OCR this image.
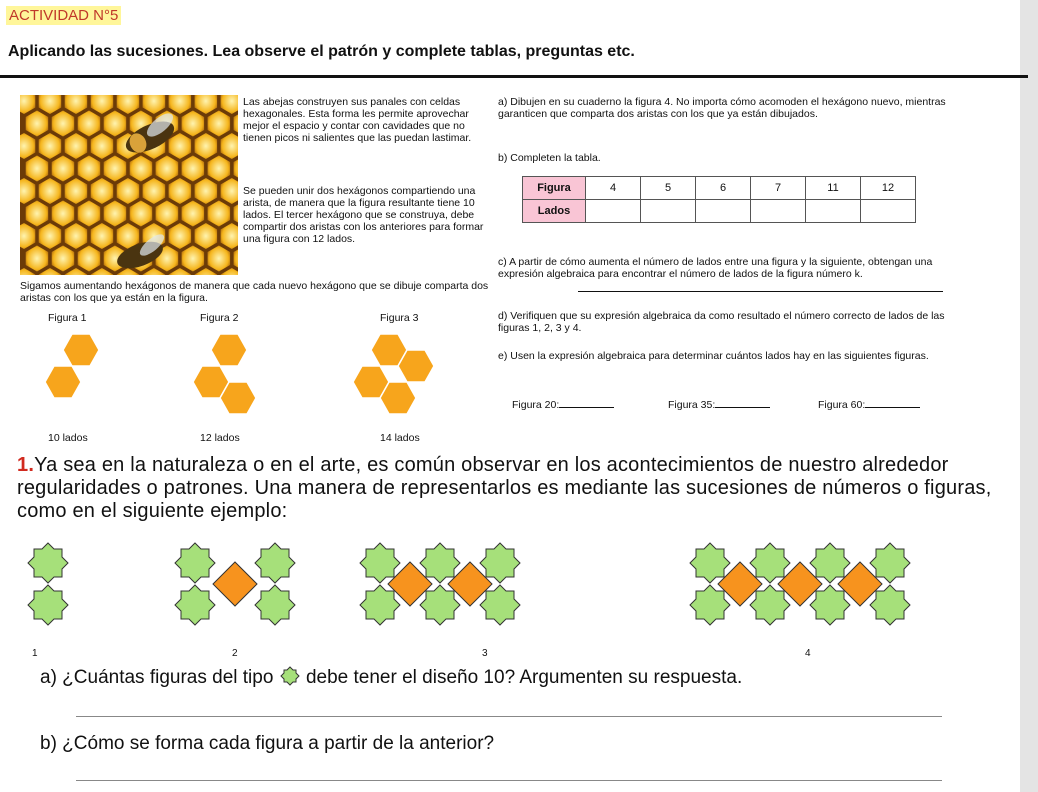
ACTIVIDAD N°5
Aplicando las sucesiones. Lea observe el patrón y complete tablas, preguntas etc.
Las abejas construyen sus panales con celdas hexagonales. Esta forma les permite aprovechar mejor el espacio y contar con cavidades que no tienen picos ni salientes que las puedan lastimar.
Se pueden unir dos hexágonos compartiendo una arista, de manera que la figura resultante tiene 10 lados. El tercer hexágono que se construya, debe compartir dos aristas con los anteriores para formar una figura con 12 lados.
Sigamos aumentando hexágonos de manera que cada nuevo hexágono que se dibuje comparta dos aristas con los que ya están en la figura.
Figura 1	Figura 2	Figura 3
10 lados	12 lados	14 lados
a) Dibujen en su cuaderno la figura 4. No importa cómo acomoden el hexágono nuevo, mientras garanticen que comparta dos aristas con los que ya están dibujados.
b) Completen la tabla.
Figura	4	5	6	7	11	12
Lados						
c) A partir de cómo aumenta el número de lados entre una figura y la siguiente, obtengan una expresión algebraica para encontrar el número de lados de la figura número k.
d) Verifiquen que su expresión algebraica da como resultado el número correcto de lados de las figuras 1, 2, 3 y 4.
e) Usen la expresión algebraica para determinar cuántos lados hay en las siguientes figuras.
Figura 20:	Figura 35:	Figura 60:
1.Ya sea en la naturaleza o en el arte, es común observar en los acontecimientos de nuestro alrededor regularidades o patrones. Una manera de representarlos es mediante las sucesiones de números o figuras, como en el siguiente ejemplo:
1	2	3	4
a) ¿Cuántas figuras del tipo debe tener el diseño 10? Argumenten su respuesta.
b) ¿Cómo se forma cada figura a partir de la anterior?
